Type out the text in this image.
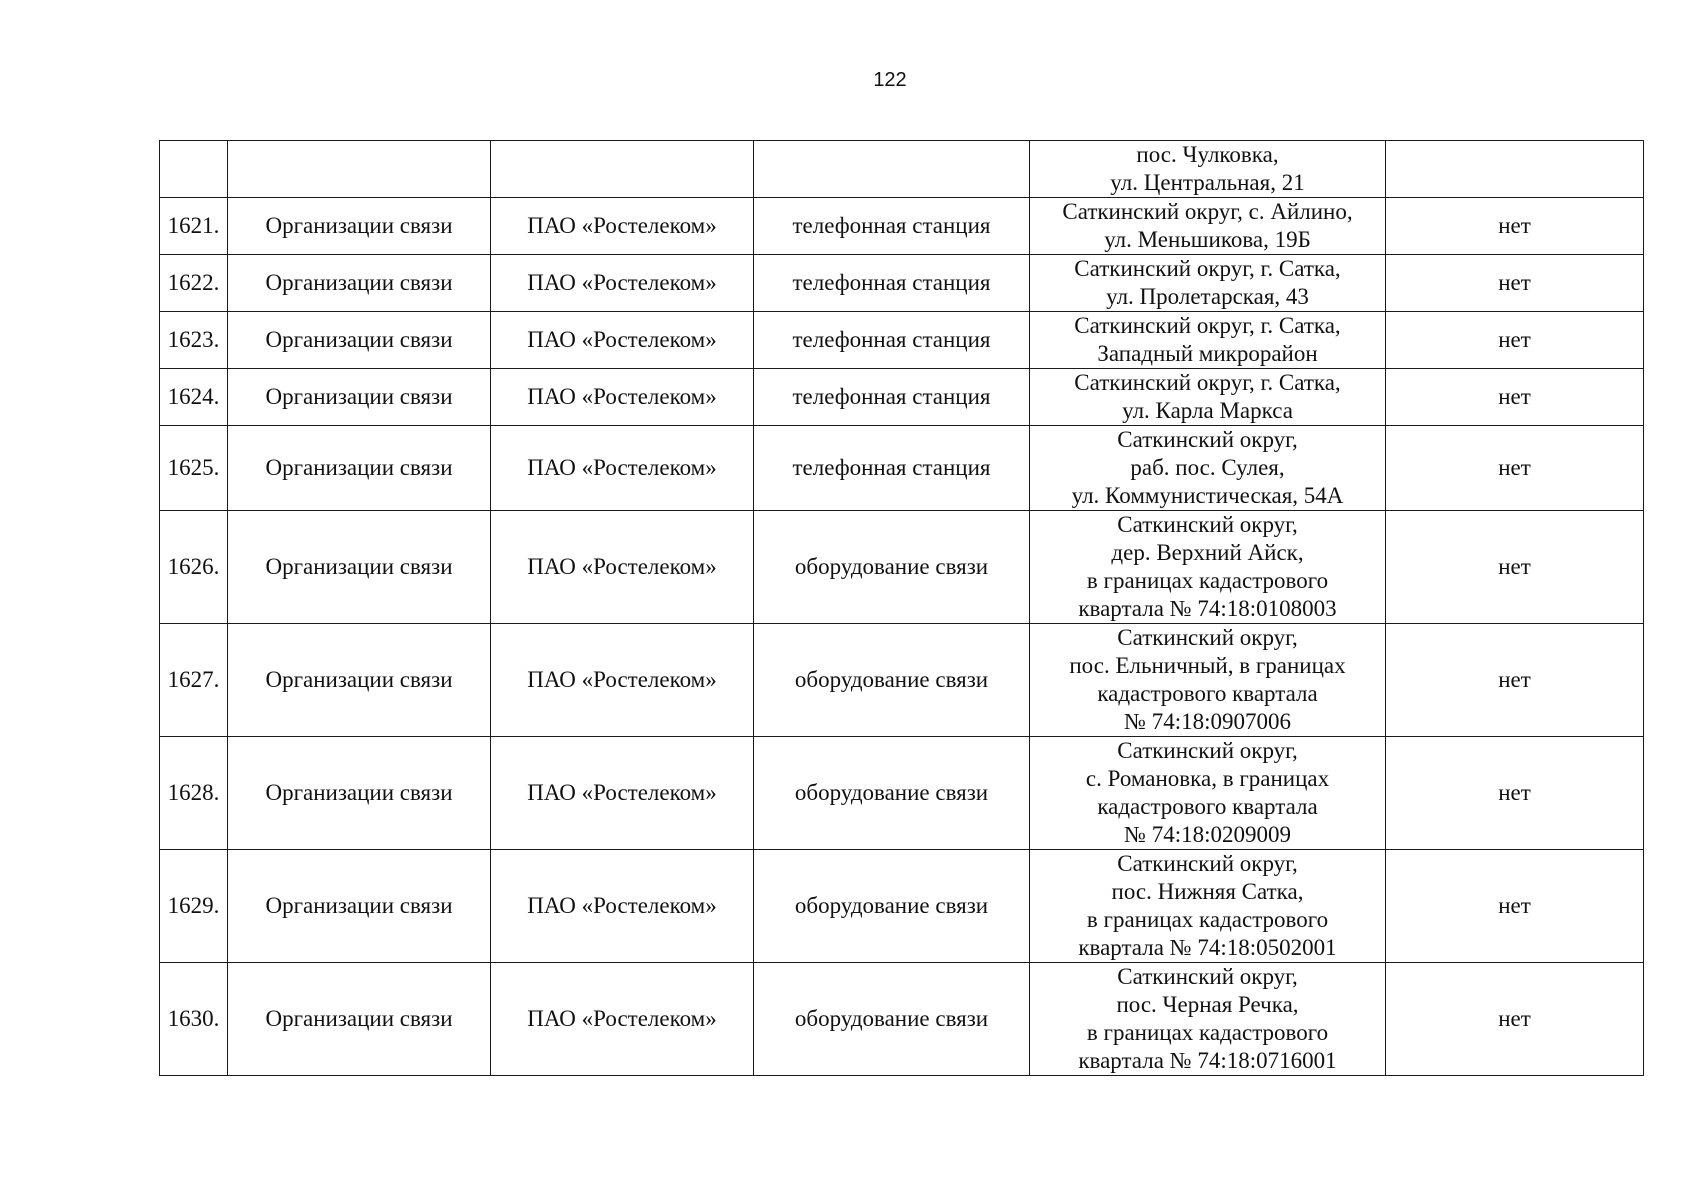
122

				пос. Чулковка,
ул. Центральная, 21	

1621.	Организации связи	ПАО «Ростелеком»	телефонная станция	Саткинский округ, с. Айлино,
ул. Меньшикова, 19Б	нет
1622.	Организации связи	ПАО «Ростелеком»	телефонная станция	Саткинский округ, г. Сатка,
ул. Пролетарская, 43	нет
1623.	Организации связи	ПАО «Ростелеком»	телефонная станция	Саткинский округ, г. Сатка,
Западный микрорайон	нет
1624.	Организации связи	ПАО «Ростелеком»	телефонная станция	Саткинский округ, г. Сатка,
ул. Карла Маркса	нет
1625.	Организации связи	ПАО «Ростелеком»	телефонная станция	Саткинский округ,
раб. пос. Сулея,
ул. Коммунистическая, 54А	нет
1626.	Организации связи	ПАО «Ростелеком»	оборудование связи	Саткинский округ,
дер. Верхний Айск,
в границах кадастрового
квартала № 74:18:0108003	нет
1627.	Организации связи	ПАО «Ростелеком»	оборудование связи	Саткинский округ,
пос. Ельничный, в границах
кадастрового квартала
№ 74:18:0907006	нет
1628.	Организации связи	ПАО «Ростелеком»	оборудование связи	Саткинский округ,
с. Романовка, в границах
кадастрового квартала
№ 74:18:0209009	нет
1629.	Организации связи	ПАО «Ростелеком»	оборудование связи	Саткинский округ,
пос. Нижняя Сатка,
в границах кадастрового
квартала № 74:18:0502001	нет
1630.	Организации связи	ПАО «Ростелеком»	оборудование связи	Саткинский округ,
пос. Черная Речка,
в границах кадастрового
квартала № 74:18:0716001	нет
